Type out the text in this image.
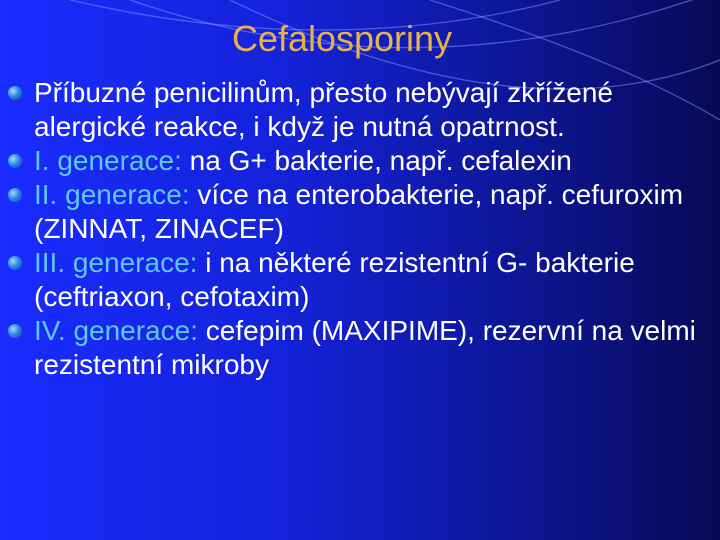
Cefalosporiny
Příbuzné penicilinům, přesto nebývají zkřížené alergické reakce, i když je nutná opatrnost.
I. generace: na G+ bakterie, např. cefalexin
II. generace: více na enterobakterie, např. cefuroxim (ZINNAT, ZINACEF)
III. generace: i na některé rezistentní G- bakterie (ceftriaxon, cefotaxim)
IV. generace: cefepim (MAXIPIME), rezervní na velmi rezistentní mikroby
